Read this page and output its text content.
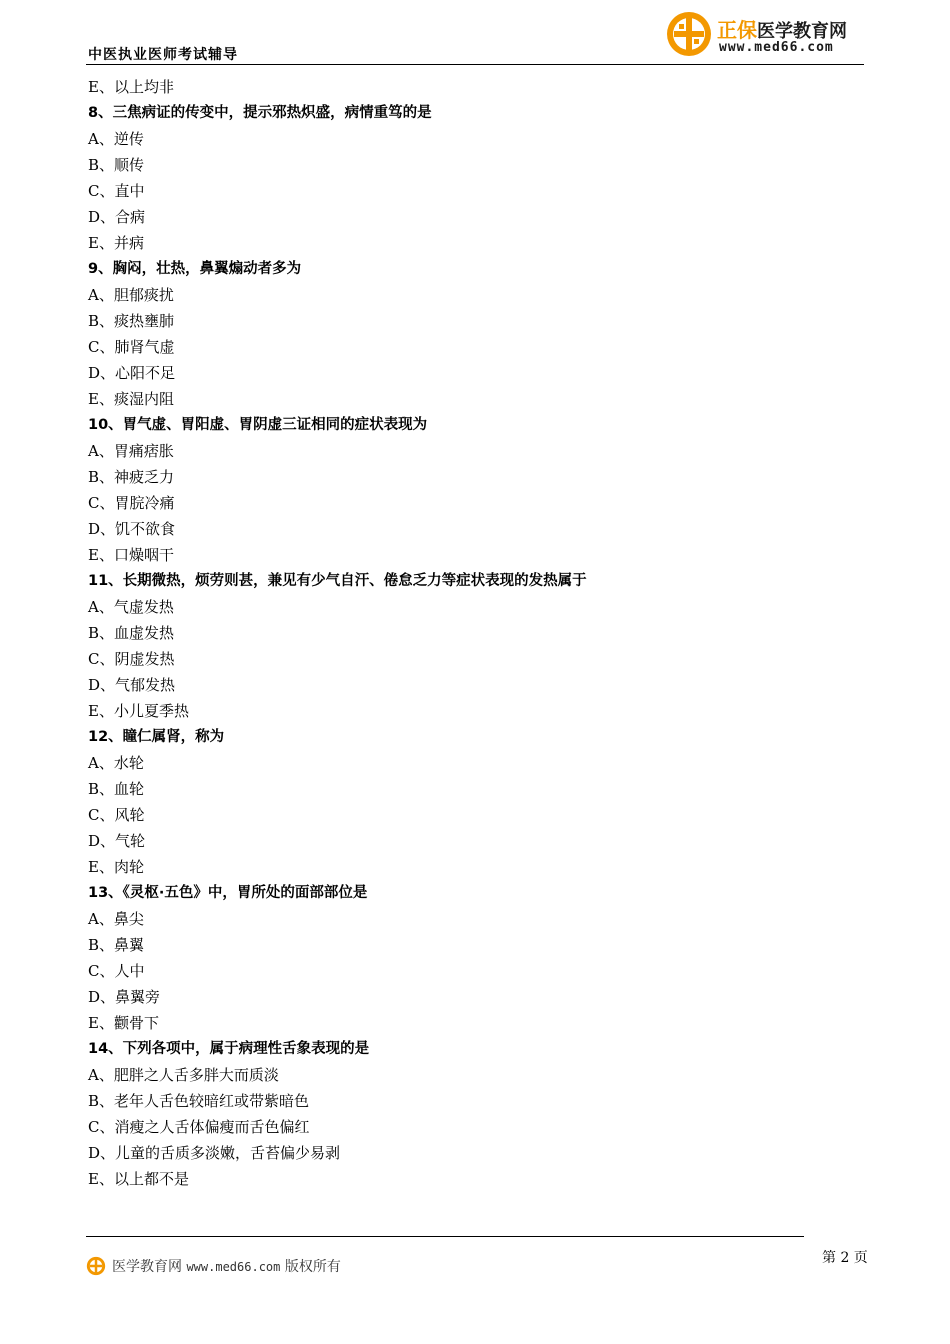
中医执业医师考试辅导
正保医学教育网
www.med66.com
E、以上均非
8、三焦病证的传变中，提示邪热炽盛，病情重笃的是
A、逆传
B、顺传
C、直中
D、合病
E、并病
9、胸闷，壮热，鼻翼煽动者多为
A、胆郁痰扰
B、痰热壅肺
C、肺肾气虚
D、心阳不足
E、痰湿内阻
10、胃气虚、胃阳虚、胃阴虚三证相同的症状表现为
A、胃痛痞胀
B、神疲乏力
C、胃脘冷痛
D、饥不欲食
E、口燥咽干
11、长期微热，烦劳则甚，兼见有少气自汗、倦怠乏力等症状表现的发热属于
A、气虚发热
B、血虚发热
C、阴虚发热
D、气郁发热
E、小儿夏季热
12、瞳仁属肾，称为
A、水轮
B、血轮
C、风轮
D、气轮
E、肉轮
13、《灵枢·五色》中，胃所处的面部部位是
A、鼻尖
B、鼻翼
C、人中
D、鼻翼旁
E、颧骨下
14、下列各项中，属于病理性舌象表现的是
A、肥胖之人舌多胖大而质淡
B、老年人舌色较暗红或带紫暗色
C、消瘦之人舌体偏瘦而舌色偏红
D、儿童的舌质多淡嫩，舌苔偏少易剥
E、以上都不是
医学教育网 www.med66.com 版权所有
第 2 页
